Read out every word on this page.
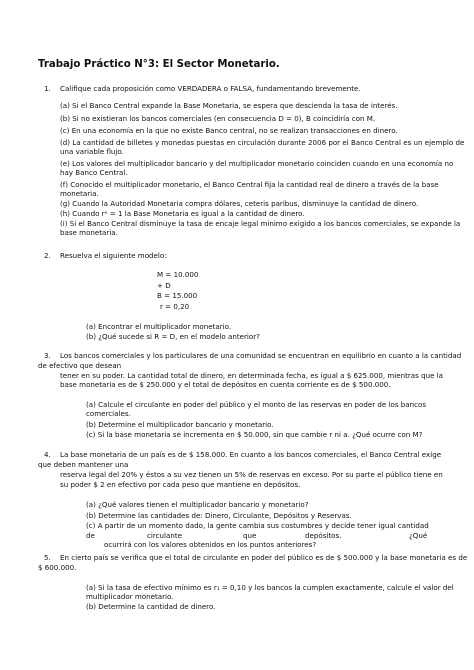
Trabajo Práctico N°3: El Sector Monetario.
1. Califique cada proposición como VERDADERA o FALSA, fundamentando brevemente.
(a) Si el Banco Central expande la Base Monetaria, se espera que descienda la tasa de interés.
(b) Si no existieran los bancos comerciales (en consecuencia D = 0), B coincidiría con M.
(c) En una economía en la que no existe Banco central, no se realizan transacciones en dinero.
(d) La cantidad de billetes y monedas puestas en circulación durante 2006 por el Banco Central es un ejemplo de
una variable flujo.
(e) Los valores del multiplicador bancario y del multiplicador monetario coinciden cuando en una economía no
hay Banco Central.
(f) Conocido el multiplicador monetario, el Banco Central fija la cantidad real de dinero a través de la base
monetaria.
(g) Cuando la Autoridad Monetaria compra dólares, ceteris paribus, disminuye la cantidad de dinero.
(h) Cuando rᵉ = 1 la Base Monetaria es igual a la cantidad de dinero.
(i) Si el Banco Central disminuye la tasa de encaje legal mínimo exigido a los bancos comerciales, se expande la
base monetaria.
2. Resuelva el siguiente modelo:
M = 10.000
+ D
B = 15.000
r = 0,20
(a) Encontrar el multiplicador monetario.
(b) ¿Qué sucede si R = D, en el modelo anterior?
3. Los bancos comerciales y los particulares de una comunidad se encuentran en equilibrio en cuanto a la cantidad
de efectivo que desean
tener en su poder. La cantidad total de dinero, en determinada fecha, es igual a $ 625.000, mientras que la
base monetaria es de $ 250.000 y el total de depósitos en cuenta corriente es de $ 500.000.
(a) Calcule el circulante en poder del público y el monto de las reservas en poder de los bancos
comerciales.
(b) Determine el multiplicador bancario y monetario.
(c) Si la base monetaria se incrementa en $ 50.000, sin que cambie r ni a. ¿Qué ocurre con M?
4. La base monetaria de un país es de $ 158.000. En cuanto a los bancos comerciales, el Banco Central exige
que deben mantener una
reserva legal del 20% y éstos a su vez tienen un 5% de reservas en exceso. Por su parte el público tiene en
su poder $ 2 en efectivo por cada peso que mantiene en depósitos.
(a) ¿Qué valores tienen el multiplicador bancario y monetario?
(b) Determine las cantidades de: Dinero, Circulante, Depósitos y Reservas.
(c) A partir de un momento dado, la gente cambia sus costumbres y decide tener igual cantidad
de	circulante	que	depósitos.	¿Qué
ocurrirá con los valores obtenidos en los puntos anteriores?
5. En cierto país se verifica que el total de circulante en poder del público es de $ 500.000 y la base monetaria es de
$ 600.000.
(a) Si la tasa de efectivo mínimo es r₁ = 0,10 y los bancos la cumplen exactamente, calcule el valor del
multiplicador monetario.
(b) Determine la cantidad de dinero.
